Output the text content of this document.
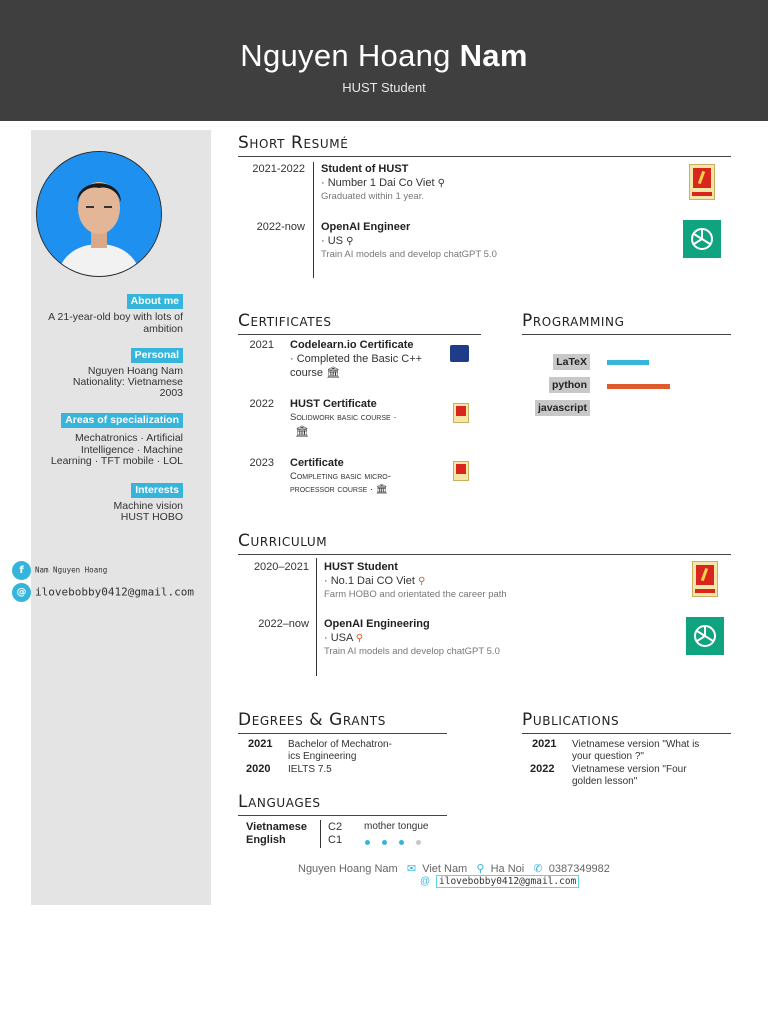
Nguyen Hoang Nam
HUST Student
About me
A 21-year-old boy with lots of ambition
Personal
Nguyen Hoang Nam
Nationality: Vietnamese
2003
Areas of specialization
Mechatronics · Artificial
Intelligence · Machine
Learning · TFT mobile · LOL
Interests
Machine vision
HUST HOBO
f Nam Nguyen Hoang
@ ilovebobby0412@gmail.com
Short Resumé
2021-2022 Student of HUST
· Number 1 Dai Co Viet ⚲
Graduated within 1 year.
2022-now OpenAI Engineer
· US ⚲
Train AI models and develop chatGPT 5.0
Certificates
2021 Codelearn.io Certificate
· Completed the Basic C++
course 🏛
2022 HUST Certificate
Solidwork basic course ·
🏛
2023 Certificate
Completing basic micro-
processor course · 🏛
Programming
LaTeX
python
javascript
Curriculum
2020–2021 HUST Student
· No.1 Dai CO Viet ⚲
Farm HOBO and orientated the career path
2022–now OpenAI Engineering
· USA ⚲
Train AI models and develop chatGPT 5.0
Degrees & Grants
2021 Bachelor of Mechatron-
ics Engineering
2020 IELTS 7.5
Publications
2021 Vietnamese version "What is
your question ?"
2022 Vietnamese version "Four
golden lesson"
Languages
Vietnamese
English
C2
C1
mother tongue
Nguyen Hoang Nam ✉ Viet Nam ⚲ Ha Noi ✆ 0387349982
@ ilovebobby0412@gmail.com
